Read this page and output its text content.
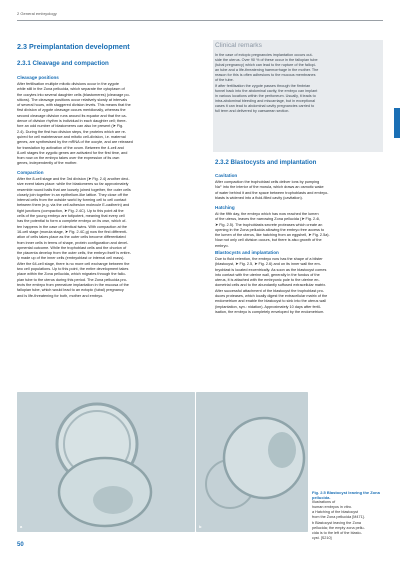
2 General embryology
2.3 Preimplantation development
2.3.1 Cleavage and compaction
Cleavage positions
After fertilisation multiple mitotic divisions occur in the zygote
while still in the Zona pellucida, which separate the cytoplasm of
the oocytes into several daughter cells (blastomeres) (cleavage po-
sitions). The cleavage positions occur relatively slowly at intervals
of several hours, with staggered division levels. This means that the
first division of zygote cleavage occurs meridionally, whereas the
second cleavage division runs around its equator and that the ca-
dence of division rhythm is individual in each daughter cell; there-
fore an odd number of blastomeres can also be present (➤ Fig.
2.4). During the first two division steps, the proteins which are re-
quired for cell maintenance and mitotic cell-division, i.e. maternal
genes, are synthesised by the mRNA of the oocyte, and are released
for translation by activation of the ovum. Between the 4-cell and
8-cell stages the zygotic genes are activated for the first time, and
from now on the embryo takes over the expression of its own
genes, independently of the mother.
Compaction
After the 8-cell stage and the 3rd division (➤ Fig. 2.4) another deci-
sive event takes place: while the blastomeres so far approximately
resemble round balls that are loosely joined together, the outer cells
closely join together in an epithelium-like lattice. They close off the
internal cells from the outside world by forming cell to cell contact
between them (e.g. via the cell adhesion molecule E-cadherin) and
tight junctions (compaction, ➤ Fig. 2.4C). Up to this point all the
cells of the young embryo are totipotent, meaning that every cell
has the potential to form a complete embryo on its own, which of-
ten happens in the case of identical twins. With compaction at the
16-cell stage (morula stage, ➤ Fig. 2.4C,g) now the first differenti-
ation of cells takes place as the outer cells become differentiated
from inner cells in terms of shape, protein configuration and devel-
opmental outcome. While the trophoblast cells and the chorion of
the placenta develop from the outer cells, the embryo itself is entire-
ly made up of the inner cells (embryoblast or internal cell mass).
After the 64-cell stage, there is no more cell exchange between the
two cell populations. Up to this point, the entire development takes
place within the Zona pellucida, which migrates through the fallo-
pian tube to the uterus during this period. The Zona pellucida pro-
tects the embryo from premature implantation in the mucosa of the
fallopian tube, which would lead to an ectopic (tubal) pregnancy
and is life-threatening for both, mother and embryo.
Clinical remarks
In the case of ectopic pregnancies implantation occurs out-
side the uterus. Over 90 % of these occur in the fallopian tube
(tubal pregnancy) which can lead to the rupture of the fallopi-
an tube and a life-threatening haemorrhage in the mother. The
reason for this is often adhesions to the mucous membranes
of the tube.
If after fertilisation the zygote passes through the fimbrian
funnel back into the abdominal cavity, the embryo can implant
in various locations within the peritoneum. Usually, it leads to
intra-abdominal bleeding and miscarriage, but in exceptional
cases it can lead to abdominal cavity pregnancies carried to
full term and delivered by caesarean section.
2.3.2 Blastocysts and implantation
Cavitation
After compaction the trophoblast cells deliver ions by pumping
Na⁺ into the interior of the morula, which draws an osmotic wake
of water behind it and the space between trophoblasts and embryo-
blasts is widened into a fluid-filled cavity (cavitation).
Hatching
At the fifth day, the embryo which has now reached the lumen
of the uterus, leaves the narrowing Zona pellucida (➤ Fig. 2.4i,
➤ Fig. 2.5). The trophoblasts secrete proteases which create an
opening in the Zona pellucida allowing the embryo free access to
the lumen of the uterus, like hatching from an eggshell, ➤ Fig. 2.5a).
Now not only cell division occurs, but there is also growth of the
embryo.
Blastocysts and implantation
Due to fluid retention, the embryo now has the shape of a blister
(blastocyst, ➤ Fig. 2.5, ➤ Fig. 2.6) and on its inner wall the em-
bryoblast is located excentrically. As soon as the blastocyst comes
into contact with the uterine wall, generally in the fundus of the
uterus, it is attached with the embryonic pole to the uterine en-
dometrial cells and to the abundantly suffused extracellular matrix.
After successful attachment of the blastocyst the trophoblast pro-
duces proteases, which locally digest the extracellular matrix of the
endometrium and enable the blastocyst to sink into the uterus wall
(implantation, syn.: nidation). Approximately 10 days after fertil-
isation, the embryo is completely enveloped by the endometrium.
a	b
Fig. 2.5 Blastocyst leaving the Zona pellucida.
Illustrations of
human embryos in vitro.
a Hatching of the blastocyst
from the Zona pellucida [M471].
b Blastocyst leaving the Zona
pellucida; the empty zona pellu-
cida is to the left of the blasto-
cyst. [S210]
50
